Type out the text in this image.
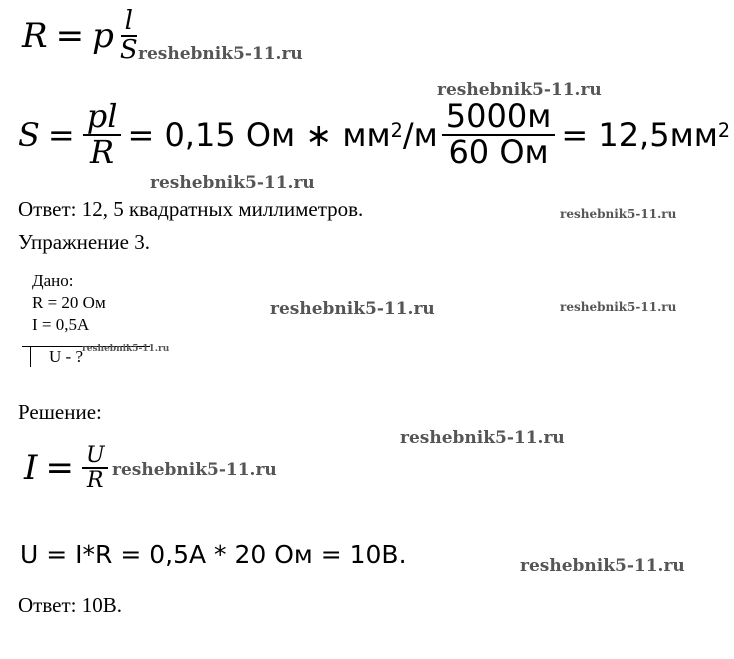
R = p $\frac{l}{S}$
$S = \frac{pl}{R} = 0,15$ Ом ∗ $мм^2$ $/м \frac{5000м}{60 Ом} = 12,5мм^2$
Ответ: 12, 5 квадратных миллиметров.
Упражнение 3.
Дано:
R = 20 Ом
I = 0,5A
U - ?
Решение:
$I = \frac{U}{R}$
U = I*R = 0,5A * 20 Ом = 10B.
Ответ: 10В.
reshebnik5-11.ru
reshebnik5-11.ru
reshebnik5-11.ru
reshebnik5-11.ru
reshebnik5-11.ru	reshebnik5-11.ru
reshebnik5-11.ru
reshebnik5-11.ru
reshebnik5-11.ru
reshebnik5-11.ru
